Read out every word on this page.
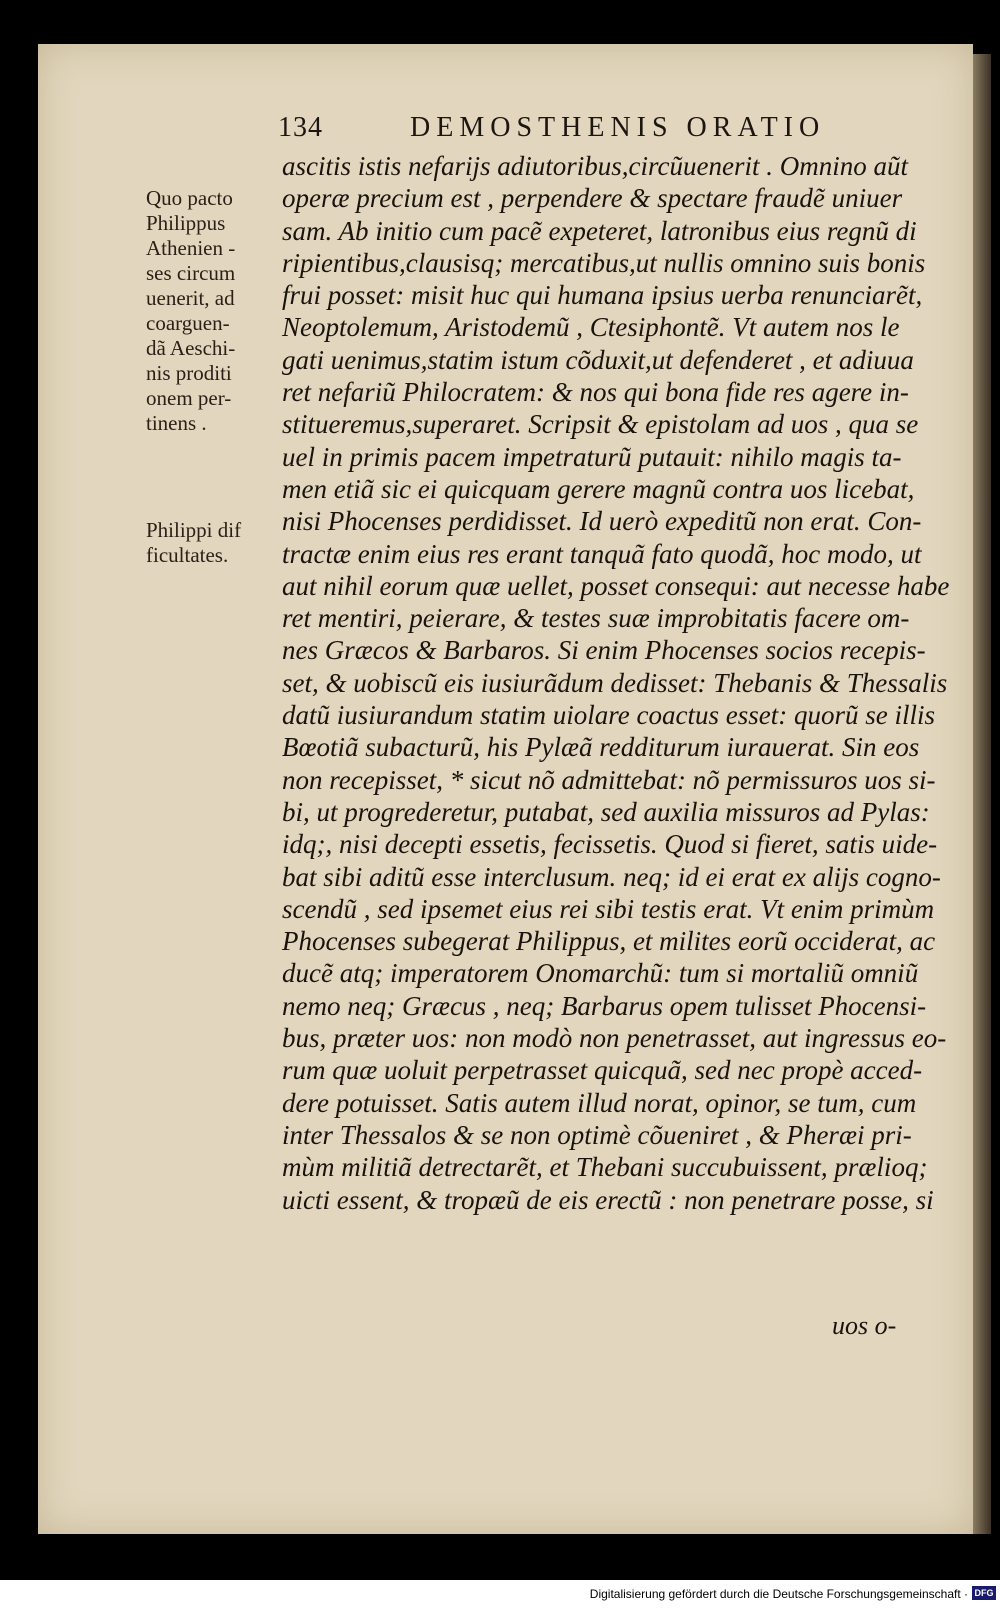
134	DEMOSTHENIS ORATIO
Quo pacto
Philippus
Athenien -
ses circum
uenerit, ad
coarguen-
dã Aeschi-
nis proditi
onem per-
tinens .
Philippi dif
ficultates.
ascitis istis nefarijs adiutoribus,circũuenerit . Omnino aũt
operæ precium est , perpendere & spectare fraudẽ uniuer
sam. Ab initio cum pacẽ expeteret, latronibus eius regnũ di
ripientibus,clausisq; mercatibus,ut nullis omnino suis bonis
frui posset: misit huc qui humana ipsius uerba renunciarẽt,
Neoptolemum, Aristodemũ , Ctesiphontẽ. Vt autem nos le
gati uenimus,statim istum cõduxit,ut defenderet , et adiuua
ret nefariũ Philocratem: & nos qui bona fide res agere in-
stitueremus,superaret. Scripsit & epistolam ad uos , qua se
uel in primis pacem impetraturũ putauit: nihilo magis ta-
men etiã sic ei quicquam gerere magnũ contra uos licebat,
nisi Phocenses perdidisset. Id uerò expeditũ non erat. Con-
tractæ enim eius res erant tanquã fato quodã, hoc modo, ut
aut nihil eorum quæ uellet, posset consequi: aut necesse habe
ret mentiri, peierare, & testes suæ improbitatis facere om-
nes Græcos & Barbaros. Si enim Phocenses socios recepis-
set, & uobiscũ eis iusiurãdum dedisset: Thebanis & Thessalis
datũ iusiurandum statim uiolare coactus esset: quorũ se illis
Bœotiã subacturũ, his Pylæã redditurum iurauerat. Sin eos
non recepisset, * sicut nõ admittebat: nõ permissuros uos si-
bi, ut progrederetur, putabat, sed auxilia missuros ad Pylas:
idq;, nisi decepti essetis, fecissetis. Quod si fieret, satis uide-
bat sibi aditũ esse interclusum. neq; id ei erat ex alijs cogno-
scendũ , sed ipsemet eius rei sibi testis erat. Vt enim primùm
Phocenses subegerat Philippus, et milites eorũ occiderat, ac
ducẽ atq; imperatorem Onomarchũ: tum si mortaliũ omniũ
nemo neq; Græcus , neq; Barbarus opem tulisset Phocensi-
bus, præter uos: non modò non penetrasset, aut ingressus eo-
rum quæ uoluit perpetrasset quicquã, sed nec propè acced-
dere potuisset. Satis autem illud norat, opinor, se tum, cum
inter Thessalos & se non optimè cõueniret , & Pheræi pri-
mùm militiã detrectarẽt, et Thebani succubuissent, prælioq;
uicti essent, & tropæũ de eis erectũ : non penetrare posse, si
uos o-
Digitalisierung gefördert durch die Deutsche Forschungsgemeinschaft · DFG
